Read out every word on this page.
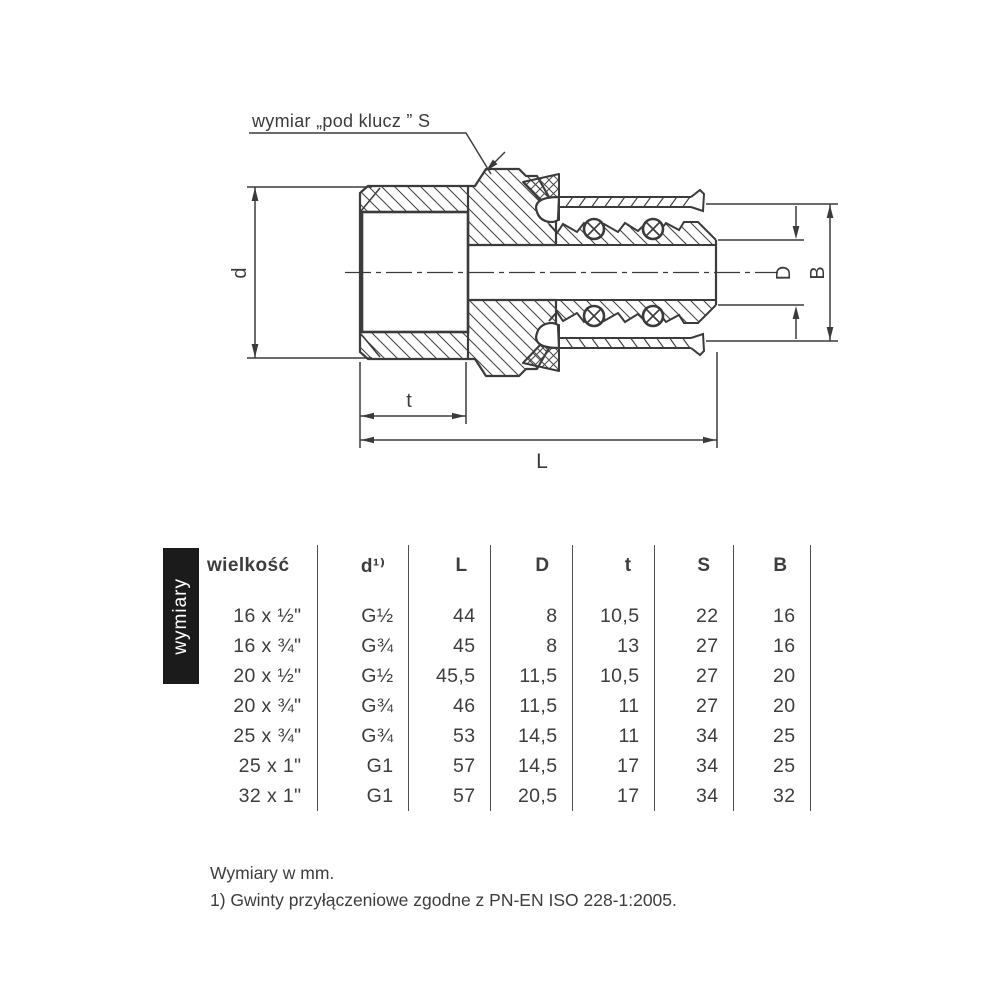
d
t
L
D B
wymiar „pod klucz ” S
wymiary
wielkość	d¹⁾	L	D	t	S	B

16 x ½"	G½	44	8	10,5	22	16
16 x ¾"	G¾	45	8	13	27	16
20 x ½"	G½	45,5	11,5	10,5	27	20
20 x ¾"	G¾	46	11,5	11	27	20
25 x ¾"	G¾	53	14,5	11	34	25
25 x 1"	G1	57	14,5	17	34	25
32 x 1"	G1	57	20,5	17	34	32
Wymiary w mm.
1) Gwinty przyłączeniowe zgodne z PN-EN ISO 228-1:2005.
